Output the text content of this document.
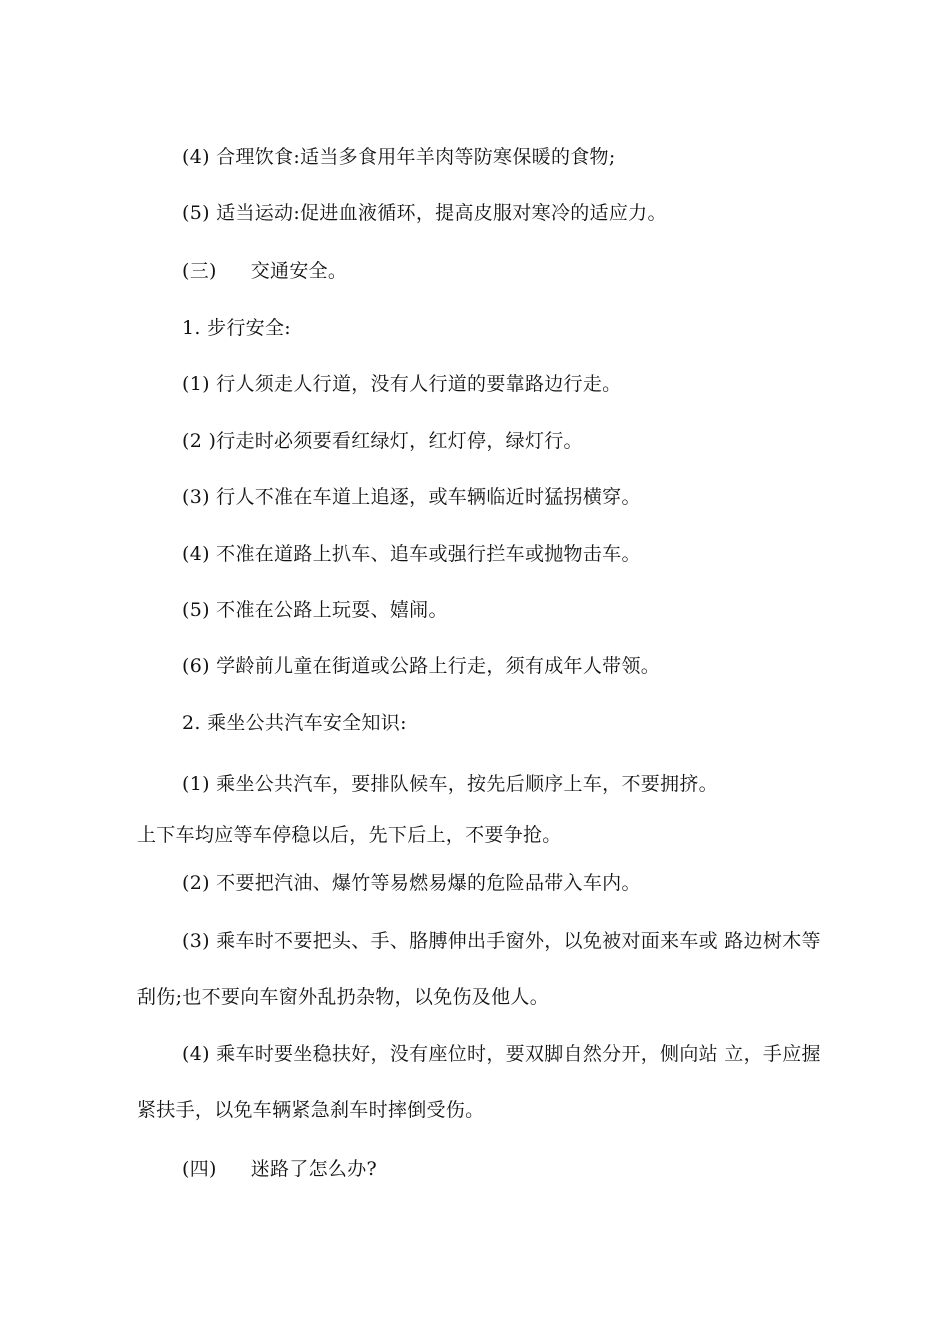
(4) 合理饮食:适当多食用年羊肉等防寒保暖的食物;
(5) 适当运动:促进血液循环，提高皮服对寒冷的适应力。
(三) 交通安全。
1. 步行安全:
(1) 行人须走人行道，没有人行道的要靠路边行走。
(2 )行走时必须要看红绿灯，红灯停，绿灯行。
(3) 行人不准在车道上追逐，或车辆临近时猛拐横穿。
(4) 不准在道路上扒车、追车或强行拦车或抛物击车。
(5) 不准在公路上玩耍、嬉闹。
(6) 学龄前儿童在街道或公路上行走，须有成年人带领。
2. 乘坐公共汽车安全知识:
(1) 乘坐公共汽车，要排队候车，按先后顺序上车，不要拥挤。
上下车均应等车停稳以后，先下后上，不要争抢。
(2) 不要把汽油、爆竹等易燃易爆的危险品带入车内。
(3) 乘车时不要把头、手、胳膊伸出手窗外，以免被对面来车或 路边树木等
刮伤;也不要向车窗外乱扔杂物，以免伤及他人。
(4) 乘车时要坐稳扶好，没有座位时，要双脚自然分开，侧向站 立，手应握
紧扶手，以免车辆紧急刹车时摔倒受伤。
(四) 迷路了怎么办?
